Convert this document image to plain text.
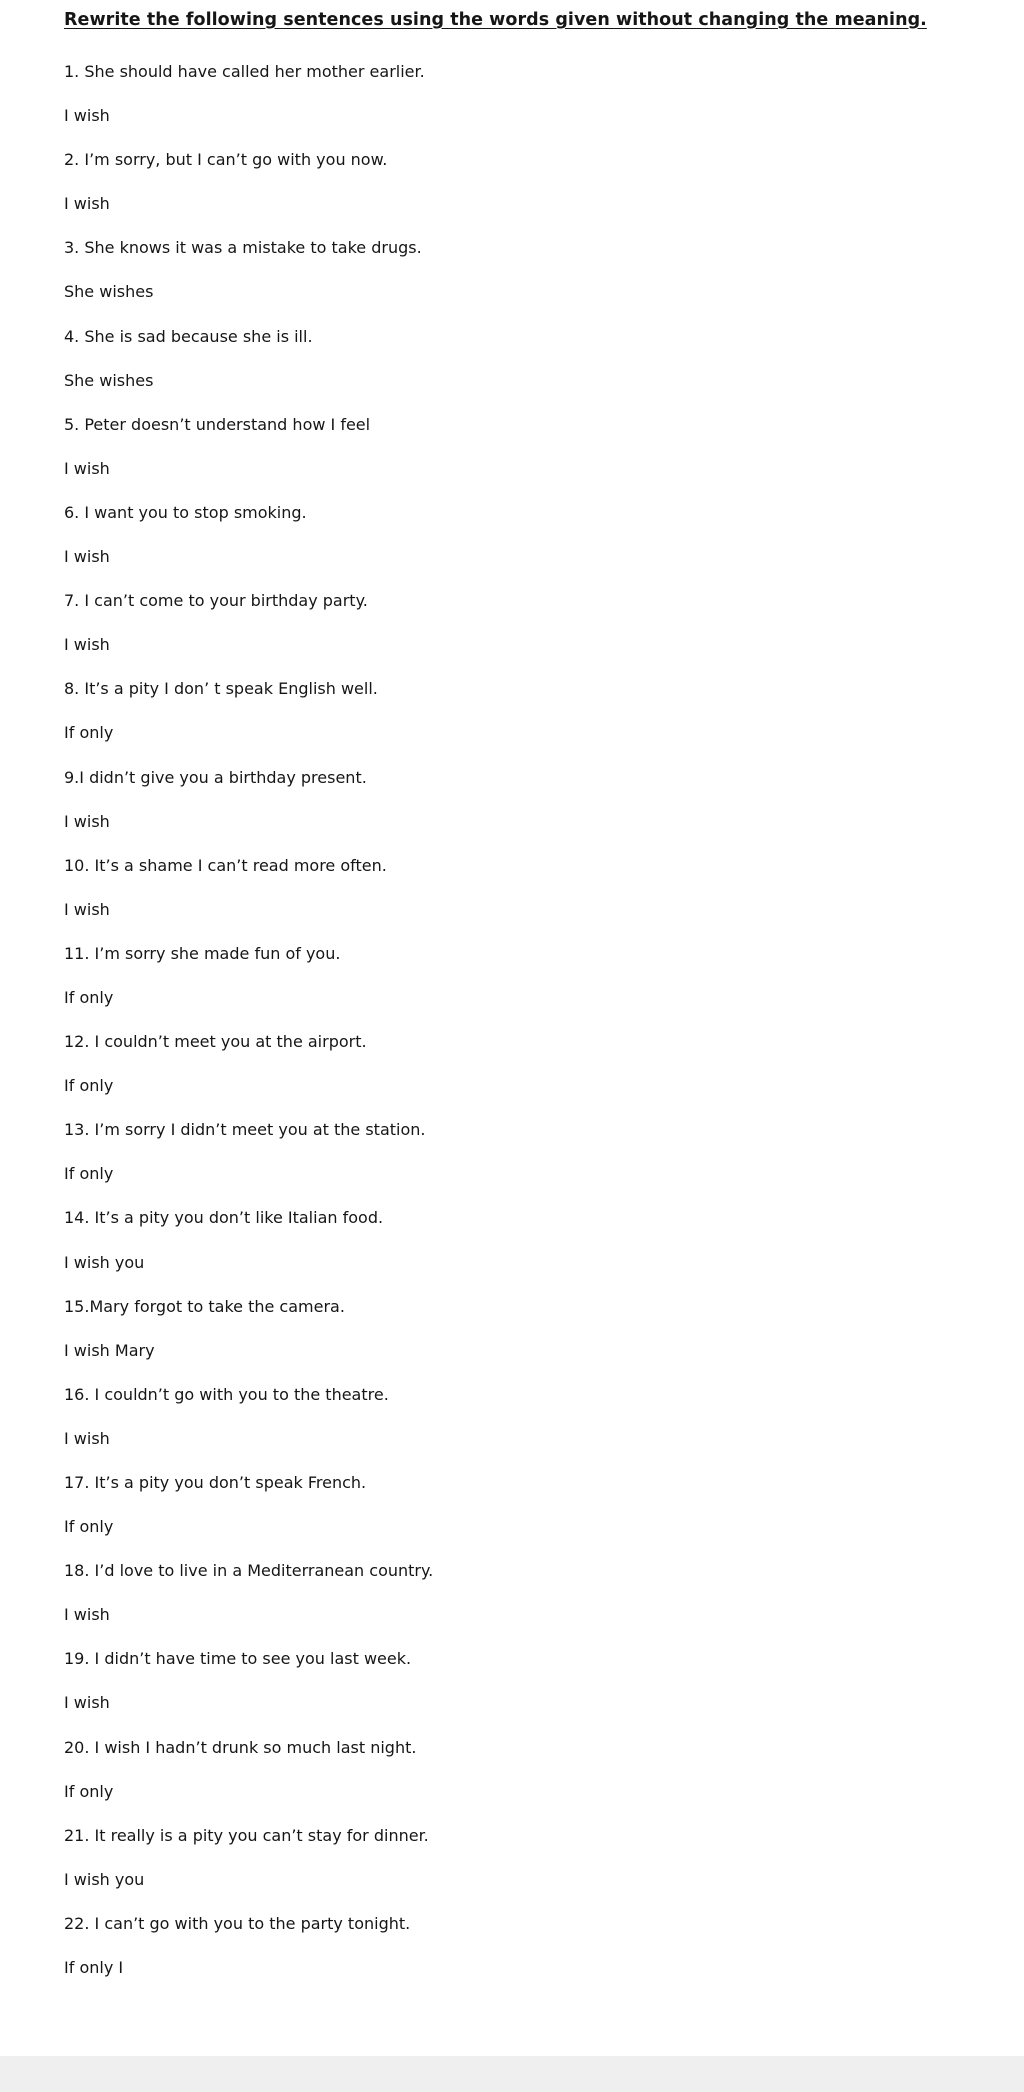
Rewrite the following sentences using the words given without changing the meaning.
1. She should have called her mother earlier.
I wish
2. I’m sorry, but I can’t go with you now.
I wish
3. She knows it was a mistake to take drugs.
She wishes
4. She is sad because she is ill.
She wishes
5. Peter doesn’t understand how I feel
I wish
6. I want you to stop smoking.
I wish
7. I can’t come to your birthday party.
I wish
8. It’s a pity I don’ t speak English well.
If only
9.I didn’t give you a birthday present.
I wish
10. It’s a shame I can’t read more often.
I wish
11. I’m sorry she made fun of you.
If only
12. I couldn’t meet you at the airport.
If only
13. I’m sorry I didn’t meet you at the station.
If only
14. It’s a pity you don’t like Italian food.
I wish you
15.Mary forgot to take the camera.
I wish Mary
16. I couldn’t go with you to the theatre.
I wish
17. It’s a pity you don’t speak French.
If only
18. I’d love to live in a Mediterranean country.
I wish
19. I didn’t have time to see you last week.
I wish
20. I wish I hadn’t drunk so much last night.
If only
21. It really is a pity you can’t stay for dinner.
I wish you
22. I can’t go with you to the party tonight.
If only I
